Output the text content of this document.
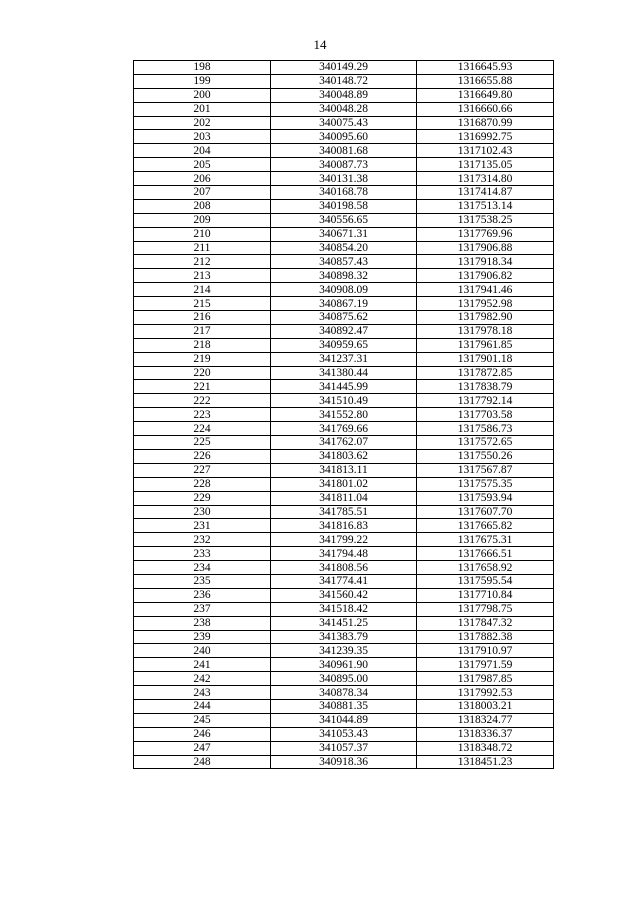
14
198	340149.29	1316645.93
199	340148.72	1316655.88
200	340048.89	1316649.80
201	340048.28	1316660.66
202	340075.43	1316870.99
203	340095.60	1316992.75
204	340081.68	1317102.43
205	340087.73	1317135.05
206	340131.38	1317314.80
207	340168.78	1317414.87
208	340198.58	1317513.14
209	340556.65	1317538.25
210	340671.31	1317769.96
211	340854.20	1317906.88
212	340857.43	1317918.34
213	340898.32	1317906.82
214	340908.09	1317941.46
215	340867.19	1317952.98
216	340875.62	1317982.90
217	340892.47	1317978.18
218	340959.65	1317961.85
219	341237.31	1317901.18
220	341380.44	1317872.85
221	341445.99	1317838.79
222	341510.49	1317792.14
223	341552.80	1317703.58
224	341769.66	1317586.73
225	341762.07	1317572.65
226	341803.62	1317550.26
227	341813.11	1317567.87
228	341801.02	1317575.35
229	341811.04	1317593.94
230	341785.51	1317607.70
231	341816.83	1317665.82
232	341799.22	1317675.31
233	341794.48	1317666.51
234	341808.56	1317658.92
235	341774.41	1317595.54
236	341560.42	1317710.84
237	341518.42	1317798.75
238	341451.25	1317847.32
239	341383.79	1317882.38
240	341239.35	1317910.97
241	340961.90	1317971.59
242	340895.00	1317987.85
243	340878.34	1317992.53
244	340881.35	1318003.21
245	341044.89	1318324.77
246	341053.43	1318336.37
247	341057.37	1318348.72
248	340918.36	1318451.23
